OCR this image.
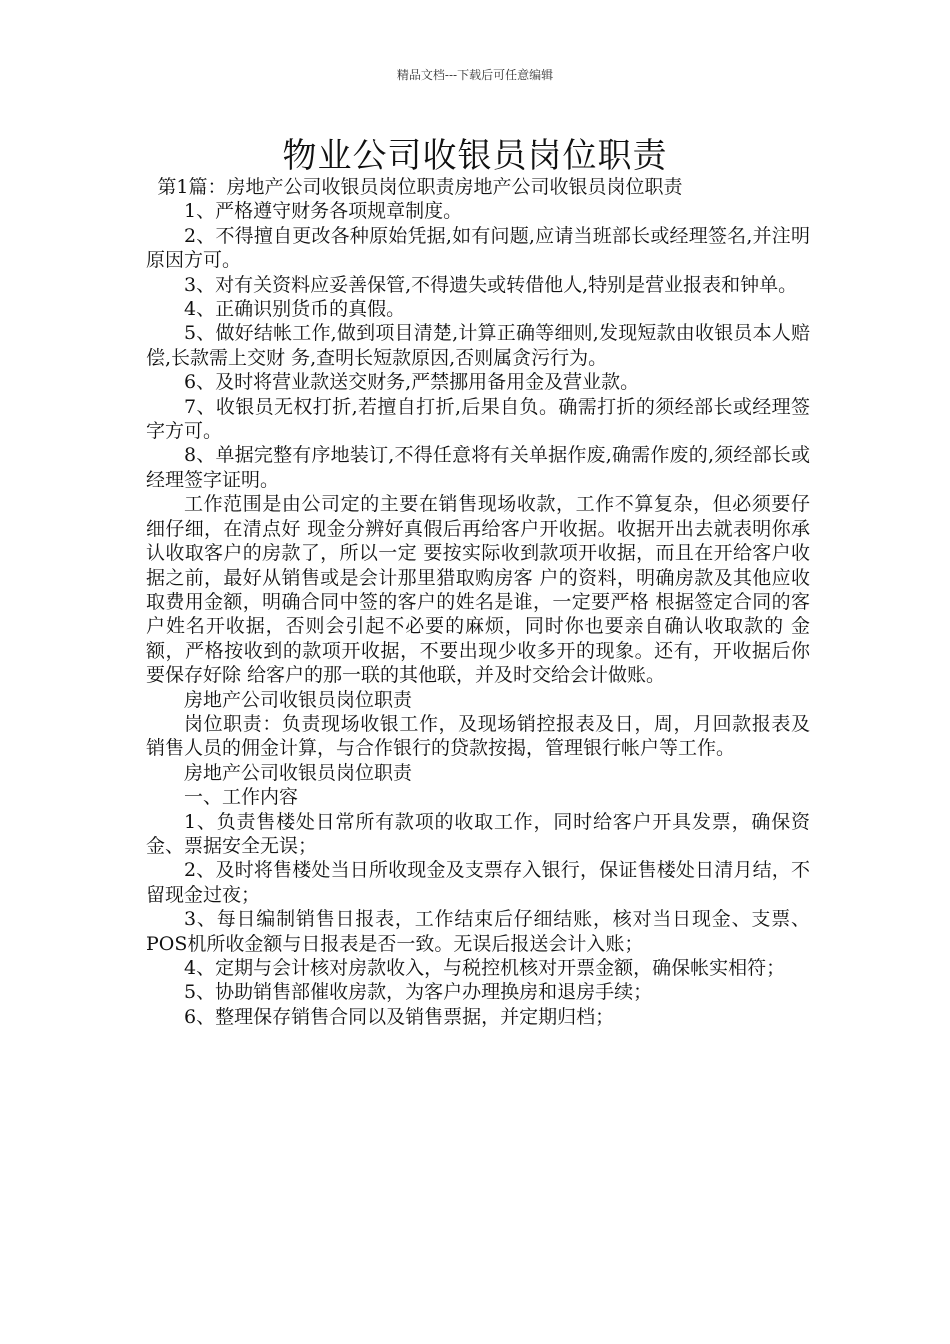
精品文档---下载后可任意编辑
物业公司收银员岗位职责

第1篇：房地产公司收银员岗位职责房地产公司收银员岗位职责

1、严格遵守财务各项规章制度。

2、不得擅自更改各种原始凭据,如有问题,应请当班部长或经理签名,并注明原因方可。

3、对有关资料应妥善保管,不得遗失或转借他人,特别是营业报表和钟单。

4、正确识别货币的真假。

5、做好结帐工作,做到项目清楚,计算正确等细则,发现短款由收银员本人赔偿,长款需上交财 务,查明长短款原因,否则属贪污行为。

6、及时将营业款送交财务,严禁挪用备用金及营业款。

7、收银员无权打折,若擅自打折,后果自负。确需打折的须经部长或经理签字方可。

8、单据完整有序地装订,不得任意将有关单据作废,确需作废的,须经部长或经理签字证明。

工作范围是由公司定的主要在销售现场收款，工作不算复杂，但必须要仔细仔细，在清点好 现金分辨好真假后再给客户开收据。收据开出去就表明你承认收取客户的房款了，所以一定 要按实际收到款项开收据，而且在开给客户收据之前，最好从销售或是会计那里猎取购房客 户的资料，明确房款及其他应收取费用金额，明确合同中签的客户的姓名是谁，一定要严格 根据签定合同的客户姓名开收据，否则会引起不必要的麻烦，同时你也要亲自确认收取款的 金额，严格按收到的款项开收据，不要出现少收多开的现象。还有，开收据后你要保存好除 给客户的那一联的其他联，并及时交给会计做账。

房地产公司收银员岗位职责

岗位职责：负责现场收银工作，及现场销控报表及日，周，月回款报表及销售人员的佣金计算，与合作银行的贷款按揭，管理银行帐户等工作。

房地产公司收银员岗位职责

一、工作内容

1、负责售楼处日常所有款项的收取工作，同时给客户开具发票，确保资金、票据安全无误；

2、及时将售楼处当日所收现金及支票存入银行，保证售楼处日清月结，不留现金过夜；

3、每日编制销售日报表，工作结束后仔细结账，核对当日现金、支票、POS机所收金额与日报表是否一致。无误后报送会计入账；

4、定期与会计核对房款收入，与税控机核对开票金额，确保帐实相符；

5、协助销售部催收房款，为客户办理换房和退房手续；

6、整理保存销售合同以及销售票据，并定期归档；
